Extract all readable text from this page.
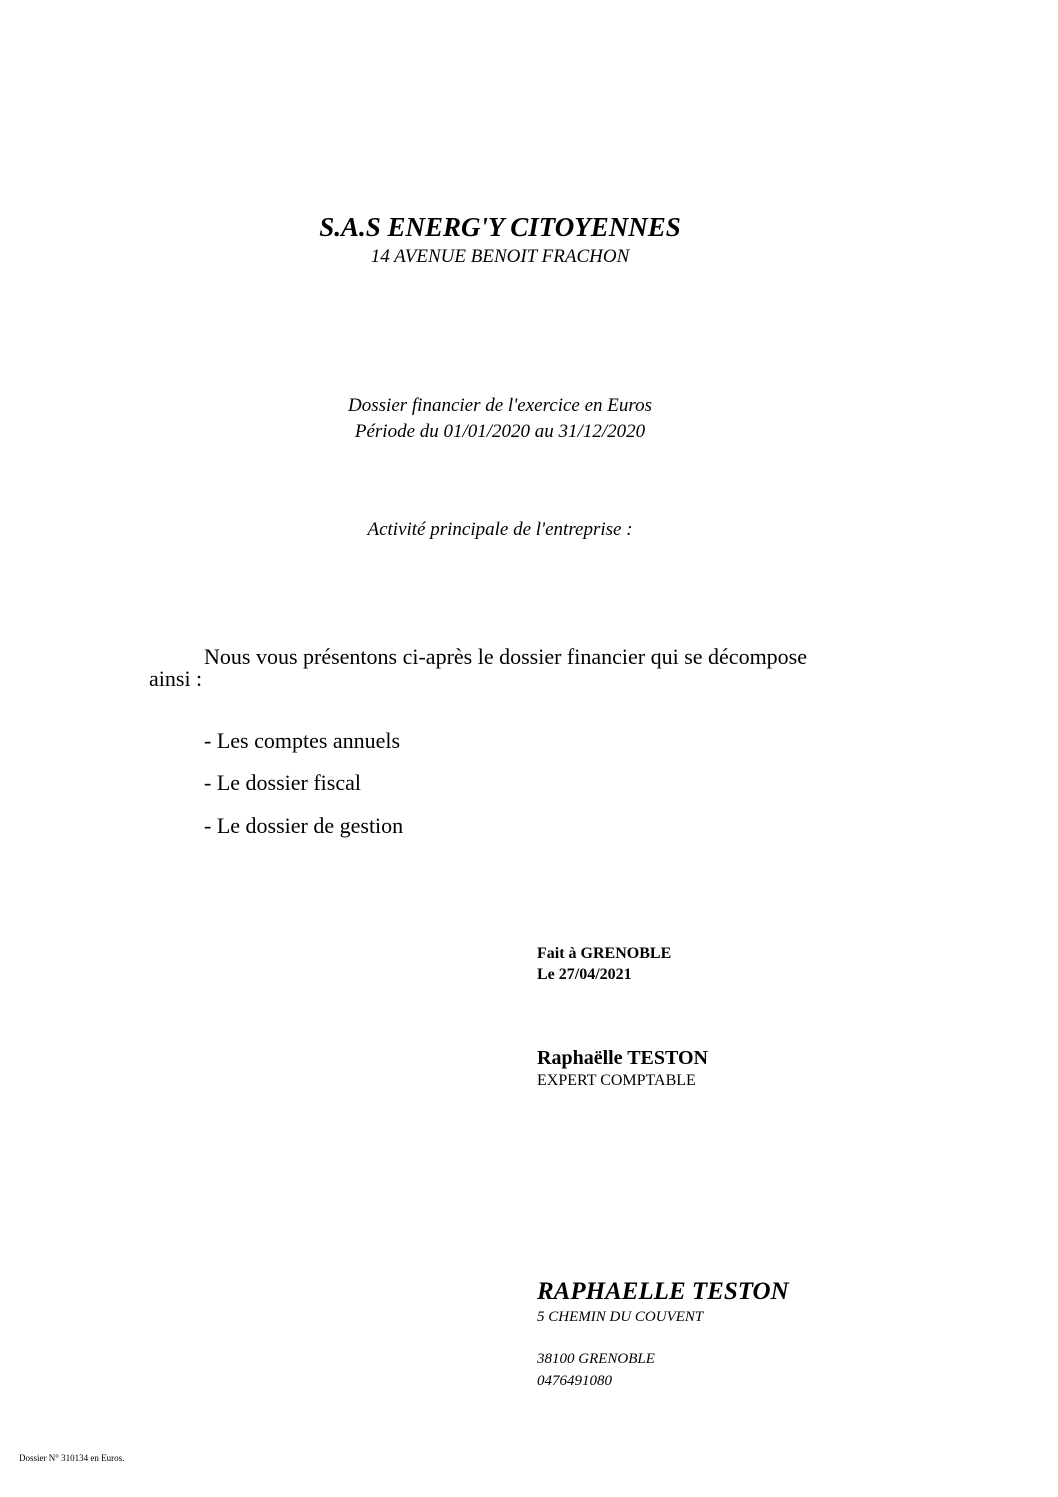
S.A.S ENERG'Y CITOYENNES
14 AVENUE BENOIT FRACHON
Dossier financier de l'exercice en Euros
Période du 01/01/2020 au 31/12/2020
Activité principale de l'entreprise :
Nous vous présentons ci-après le dossier financier qui se décompose
ainsi :
- Les comptes annuels
- Le dossier fiscal
- Le dossier de gestion
Fait à GRENOBLE
Le 27/04/2021
Raphaëlle TESTON
EXPERT COMPTABLE
RAPHAELLE TESTON
5 CHEMIN DU COUVENT
38100 GRENOBLE
0476491080
Dossier N° 310134 en Euros.
